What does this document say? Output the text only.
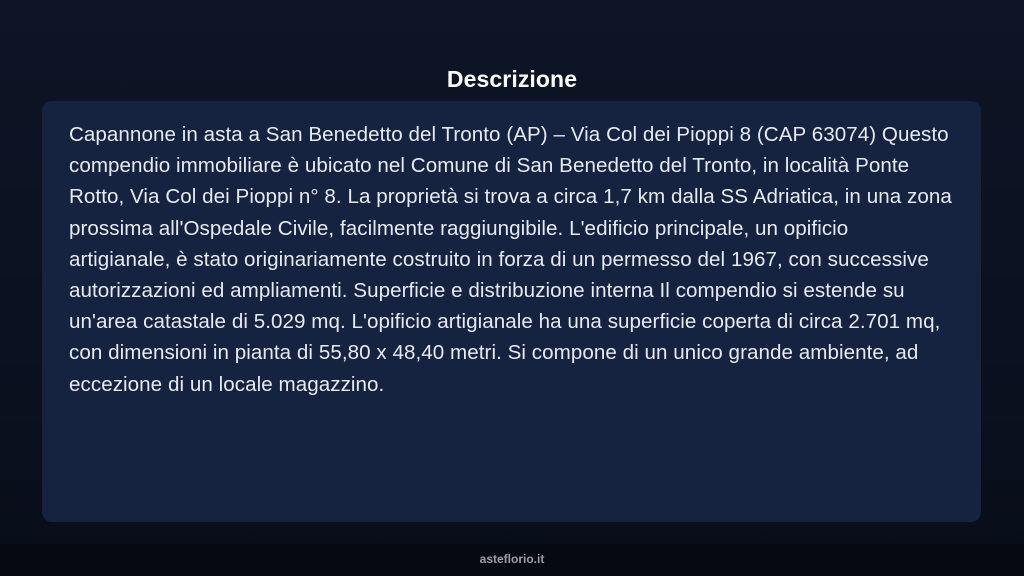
Descrizione

Capannone in asta a San Benedetto del Tronto (AP) – Via Col dei Pioppi 8 (CAP 63074) Questo compendio immobiliare è ubicato nel Comune di San Benedetto del Tronto, in località Ponte Rotto, Via Col dei Pioppi n° 8. La proprietà si trova a circa 1,7 km dalla SS Adriatica, in una zona prossima all'Ospedale Civile, facilmente raggiungibile. L'edificio principale, un opificio artigianale, è stato originariamente costruito in forza di un permesso del 1967, con successive autorizzazioni ed ampliamenti. Superficie e distribuzione interna Il compendio si estende su un'area catastale di 5.029 mq. L'opificio artigianale ha una superficie coperta di circa 2.701 mq, con dimensioni in pianta di 55,80 x 48,40 metri. Si compone di un unico grande ambiente, ad eccezione di un locale magazzino.

asteflorio.it
